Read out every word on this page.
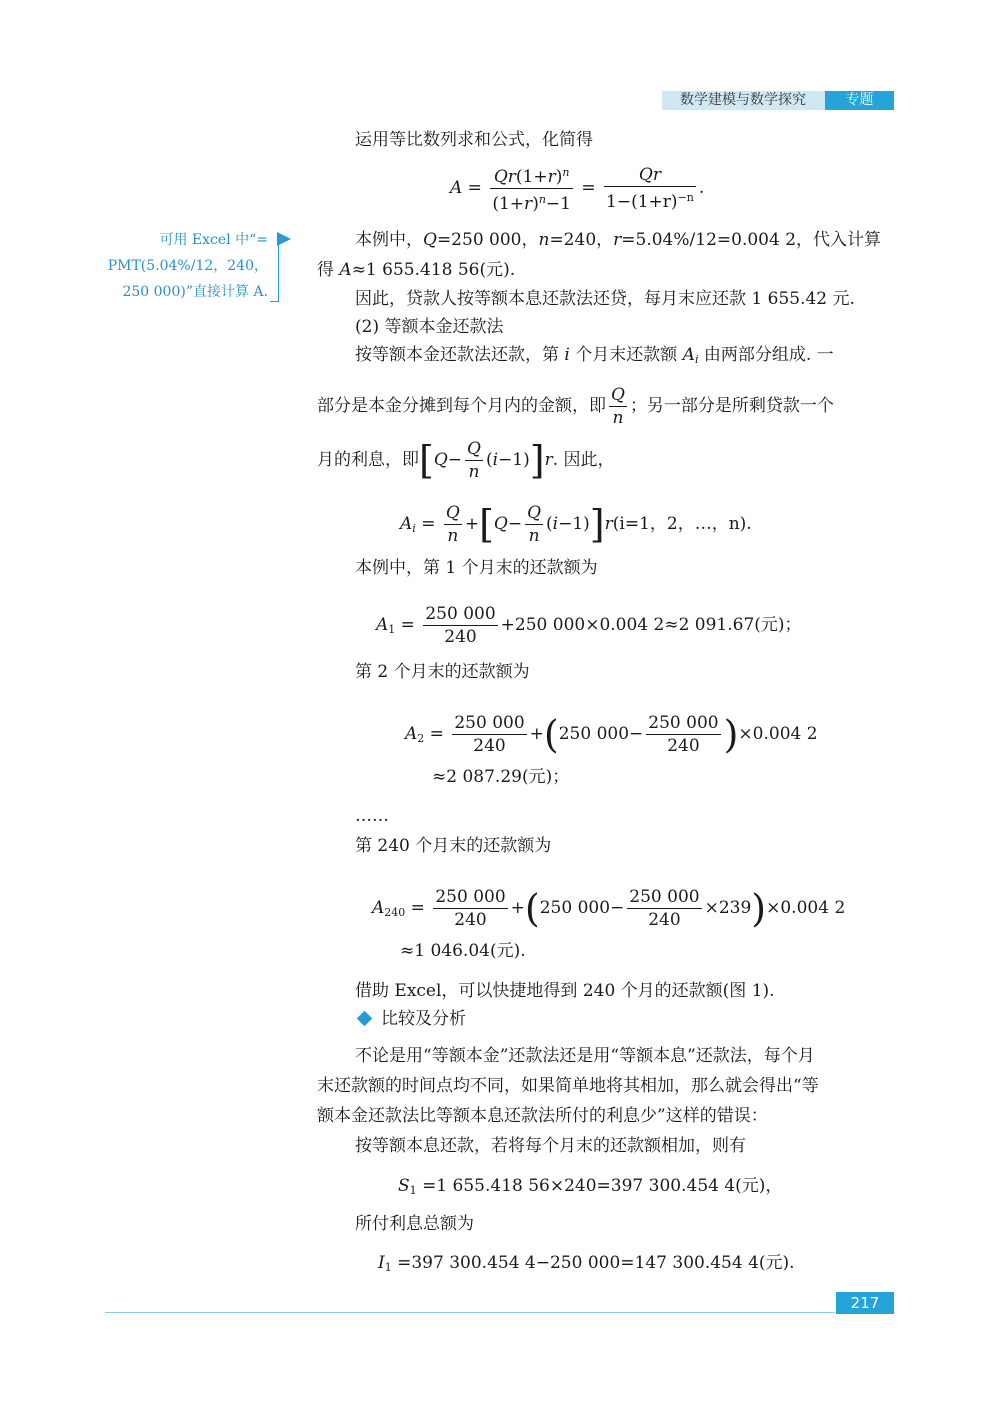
数学建模与数学探究	专题
可用 Excel 中“=
PMT(5.04%/12，240，
250 000)”直接计算 A.
运用等比数列求和公式，化简得
$A = \frac{Qr(1+r)^n}{(1+r)^n-1} = \frac{Qr}{1-(1+r)^{-n}}$ .
本例中，Q=250 000，n=240，r=5.04%/12=0.004 2，代入计算
得 A≈1 655.418 56(元).
因此，贷款人按等额本息还款法还贷，每月末应还款 1 655.42 元.
(2) 等额本金还款法
按等额本金还款法还款，第 i 个月末还款额 $A_i$ 由两部分组成. 一
部分是本金分摊到每个月内的金额，即 $\frac{Q}{n}$ ；另一部分是所剩贷款一个
月的利息，即$[Q- \frac{Q}{n} (i-1)]r$. 因此，
$A_i = \frac{Q}{n} +[Q- \frac{Q}{n} (i-1)]r(i=1$，2，…，n).
本例中，第 1 个月末的还款额为
$A_1 = \frac{250 000}{240} +250$ 000×0.004 2≈2 091.67(元)；
第 2 个月末的还款额为
$A_2 = \frac{250 000}{240} +(250$ $000- \frac{250 000}{240} )\times 0.004$ 2
≈2 087.29(元)；
……
第 240 个月末的还款额为
$A_{240} = \frac{250 000}{240} +(250$ $000- \frac{250 000}{240} \times 239)\times 0.004$ 2
≈1 046.04(元).
借助 Excel，可以快捷地得到 240 个月的还款额(图 1).
比较及分析
不论是用“等额本金”还款法还是用“等额本息”还款法，每个月
末还款额的时间点均不同，如果简单地将其相加，那么就会得出“等
额本金还款法比等额本息还款法所付的利息少”这样的错误：
按等额本息还款，若将每个月末的还款额相加，则有
$S_1 =1$ 655.418 56×240=397 300.454 4(元)，
所付利息总额为
$I_1 =397$ 300.454 4−250 000=147 300.454 4(元).
217
